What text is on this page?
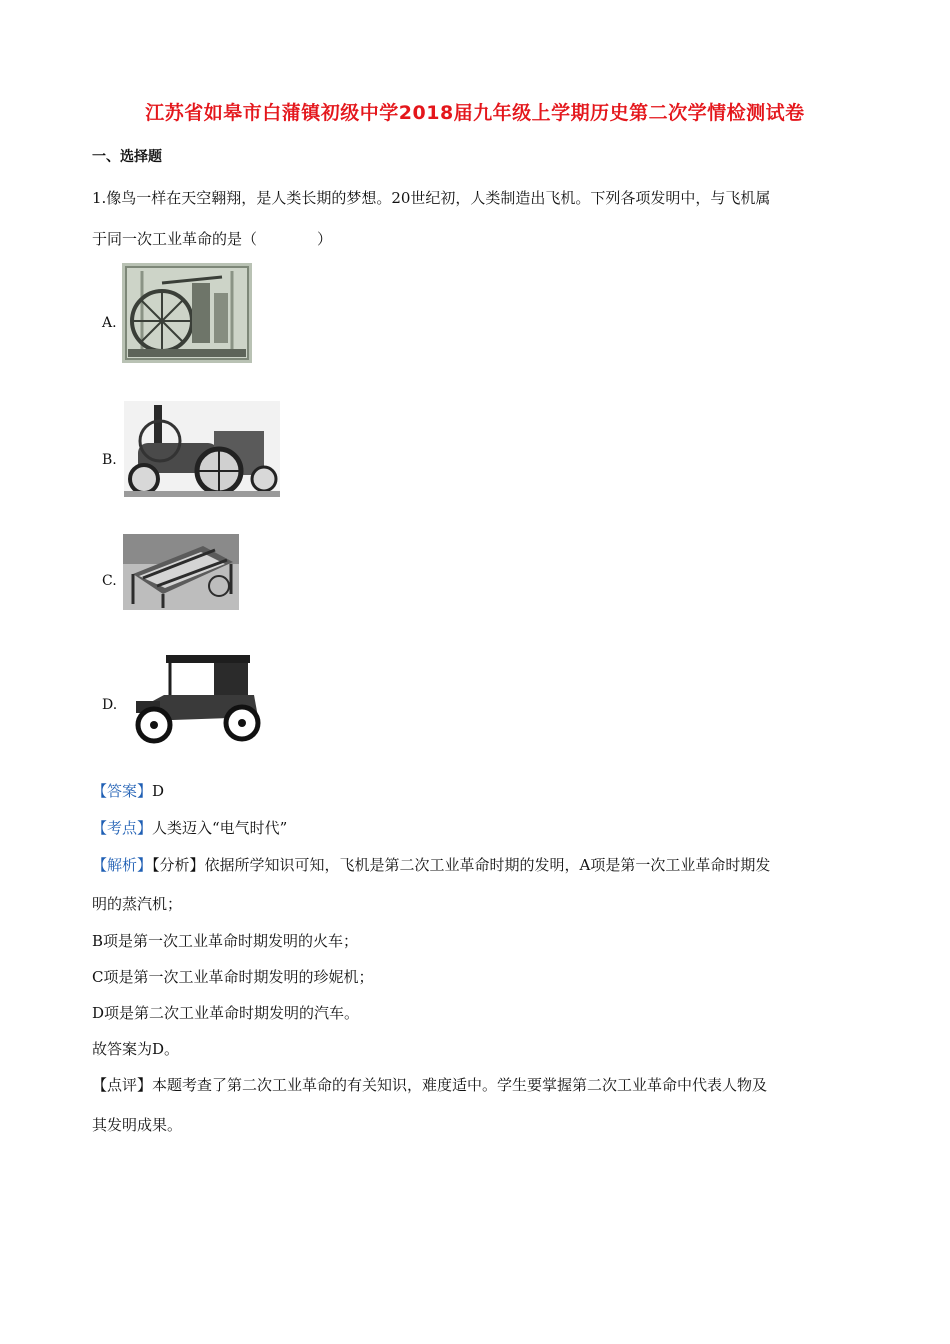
江苏省如皋市白蒲镇初级中学2018届九年级上学期历史第二次学情检测试卷
一、选择题
1.像鸟一样在天空翱翔，是人类长期的梦想。20世纪初，人类制造出飞机。下列各项发明中，与飞机属
于同一次工业革命的是（	）
A.
B.
C.
D.
【答案】D
【考点】人类迈入“电气时代”
【解析】【分析】依据所学知识可知，飞机是第二次工业革命时期的发明，A项是第一次工业革命时期发
明的蒸汽机；
B项是第一次工业革命时期发明的火车；
C项是第一次工业革命时期发明的珍妮机；
D项是第二次工业革命时期发明的汽车。
故答案为D。
【点评】本题考查了第二次工业革命的有关知识，难度适中。学生要掌握第二次工业革命中代表人物及
其发明成果。
